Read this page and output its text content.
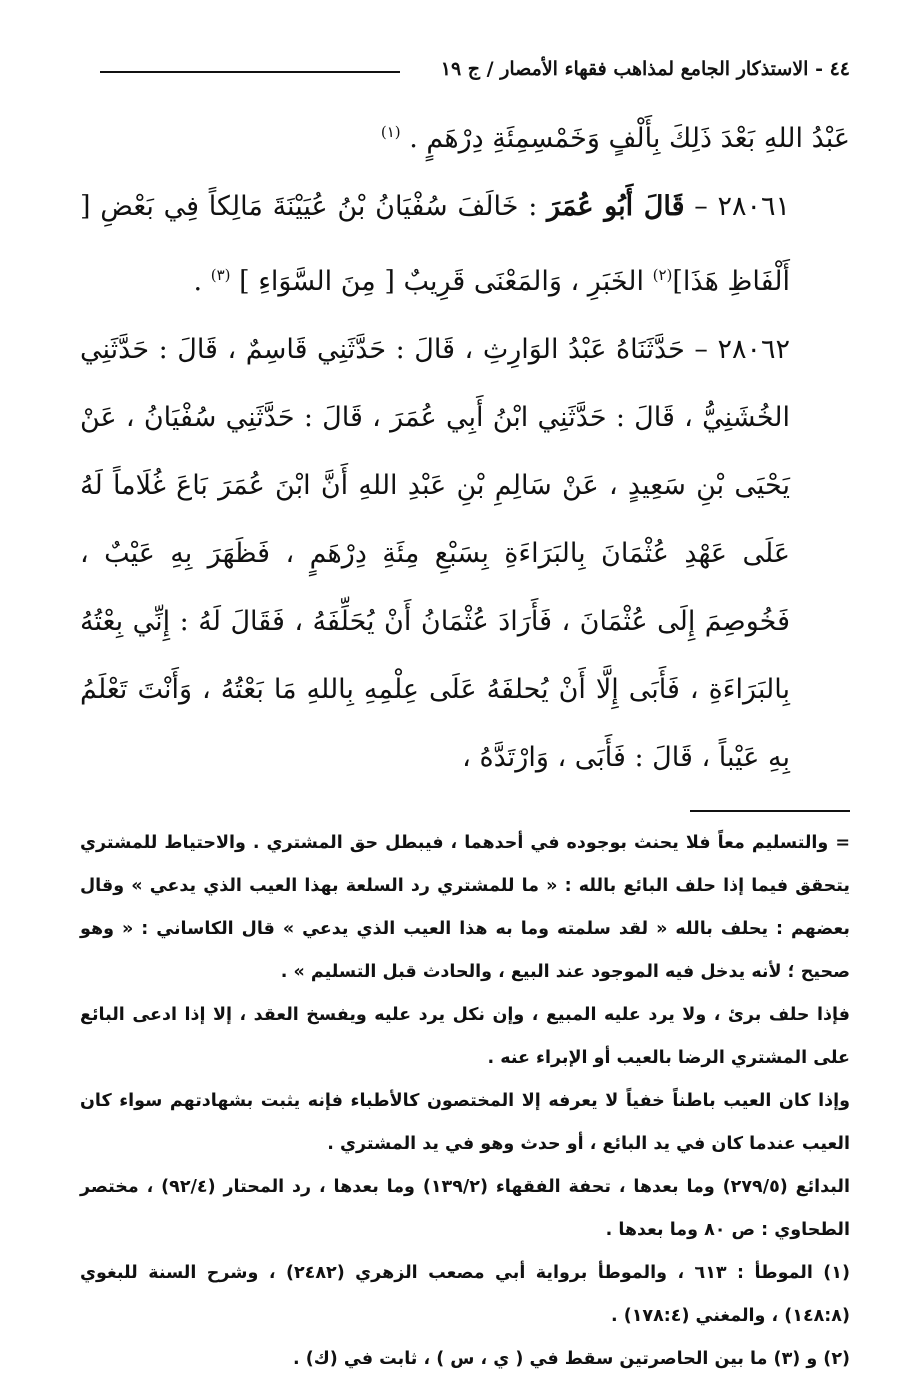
٤٤ - الاستذكار الجامع لمذاهب فقهاء الأمصار / ج ١٩

عَبْدُ اللهِ بَعْدَ ذَلِكَ بِأَلْفٍ وَخَمْسِمِئَةِ دِرْهَمٍ . $^{(١)}$

٢٨٠٦١ – قَالَ أَبُو عُمَرَ : خَالَفَ سُفْيَانُ بْنُ عُيَيْنَةَ مَالِكاً فِي بَعْضِ [ أَلْفَاظِ هَذَا]$^{(٢)}$ الخَبَرِ ، وَالمَعْنَى قَرِيبٌ [ مِنَ السَّوَاءِ ] $^{(٣)}$ .

٢٨٠٦٢ – حَدَّثَنَاهُ عَبْدُ الوَارِثِ ، قَالَ : حَدَّثَنِي قَاسِمٌ ، قَالَ : حَدَّثَنِي الخُشَنِيُّ ، قَالَ : حَدَّثَنِي ابْنُ أَبِي عُمَرَ ، قَالَ : حَدَّثَنِي سُفْيَانُ ، عَنْ يَحْيَى بْنِ سَعِيدٍ ، عَنْ سَالِمِ بْنِ عَبْدِ اللهِ أَنَّ ابْنَ عُمَرَ بَاعَ غُلَاماً لَهُ عَلَى عَهْدِ عُثْمَانَ بِالبَرَاءَةِ بِسَبْعِ مِئَةِ دِرْهَمٍ ، فَظَهَرَ بِهِ عَيْبٌ ، فَخُوصِمَ إِلَى عُثْمَانَ ، فَأَرَادَ عُثْمَانُ أَنْ يُحَلِّفَهُ ، فَقَالَ لَهُ : إِنِّي بِعْتُهُ بِالبَرَاءَةِ ، فَأَبَى إِلَّا أَنْ يُحلفَهُ عَلَى عِلْمِهِ بِاللهِ مَا بَعْتُهُ ، وَأَنْتَ تَعْلَمُ بِهِ عَيْباً ، قَالَ : فَأَبَى ، وَارْتَدَّهُ ،

= والتسليم معاً فلا يحنث بوجوده في أحدهما ، فيبطل حق المشتري . والاحتياط للمشتري يتحقق فيما إذا حلف البائع بالله : « ما للمشتري رد السلعة بهذا العيب الذي يدعي » وقال بعضهم : يحلف بالله « لقد سلمته وما به هذا العيب الذي يدعي » قال الكاساني : « وهو صحيح ؛ لأنه يدخل فيه الموجود عند البيع ، والحادث قبل التسليم » .

فإذا حلف برئ ، ولا يرد عليه المبيع ، وإن نكل يرد عليه ويفسخ العقد ، إلا إذا ادعى البائع على المشتري الرضا بالعيب أو الإبراء عنه .

وإذا كان العيب باطناً خفياً لا يعرفه إلا المختصون كالأطباء فإنه يثبت بشهادتهم سواء كان العيب عندما كان في يد البائع ، أو حدث وهو في يد المشتري .

البدائع (٢٧٩/٥) وما بعدها ، تحفة الفقهاء (١٣٩/٢) وما بعدها ، رد المحتار (٩٢/٤) ، مختصر الطحاوي : ص ٨٠ وما بعدها .

(١) الموطأ : ٦١٣ ، والموطأ برواية أبي مصعب الزهري (٢٤٨٢) ، وشرح السنة للبغوي (١٤٨:٨) ، والمغني (١٧٨:٤) .

(٢) و (٣) ما بين الحاصرتين سقط في ( ي ، س ) ، ثابت في (ك) .
